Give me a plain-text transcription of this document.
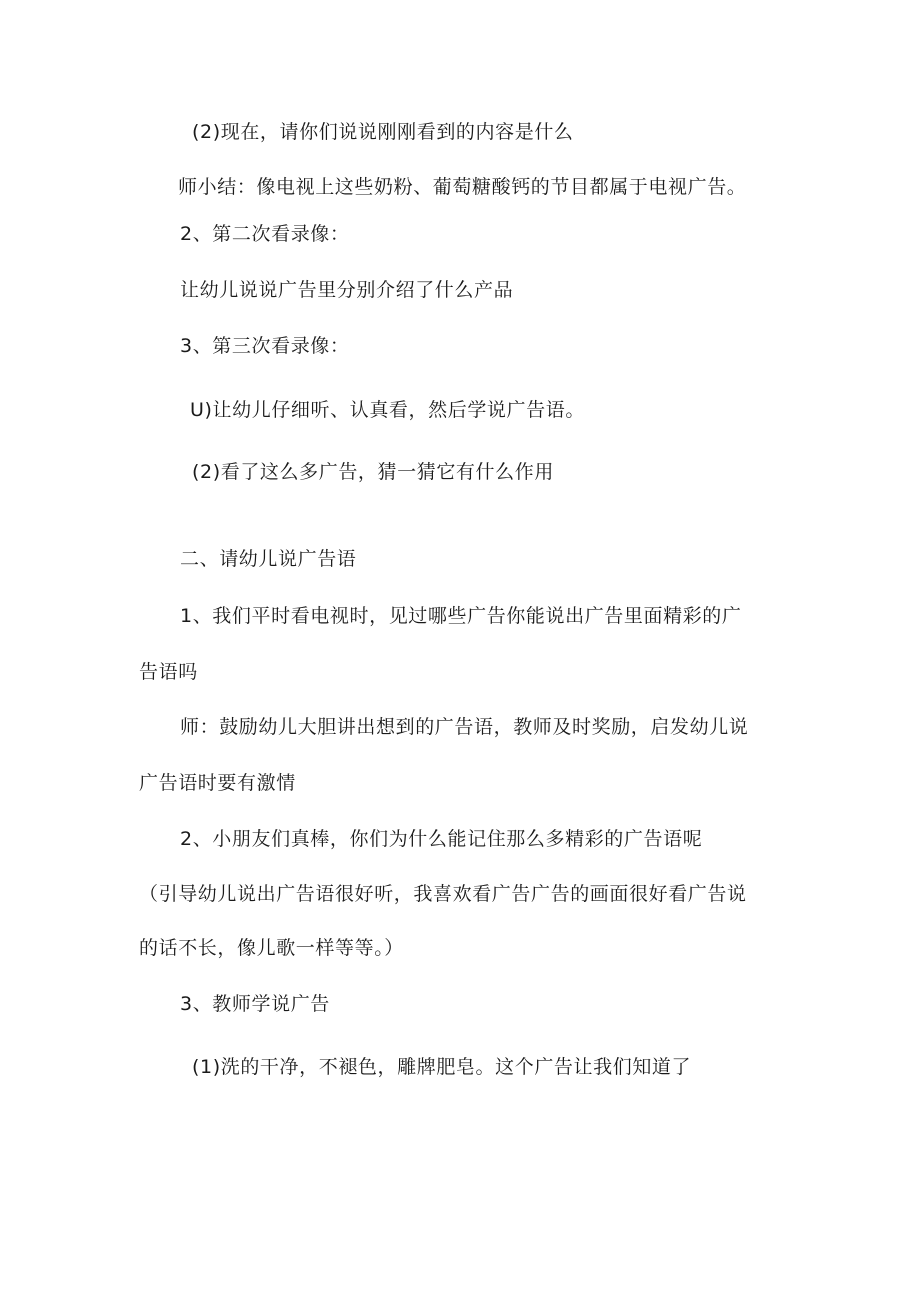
(2)现在，请你们说说刚刚看到的内容是什么
师小结：像电视上这些奶粉、葡萄糖酸钙的节目都属于电视广告。
2、第二次看录像：
让幼儿说说广告里分别介绍了什么产品
3、第三次看录像：
U)让幼儿仔细听、认真看，然后学说广告语。
(2)看了这么多广告，猜一猜它有什么作用
二、请幼儿说广告语
1、我们平时看电视时，见过哪些广告你能说出广告里面精彩的广
告语吗
师：鼓励幼儿大胆讲出想到的广告语，教师及时奖励，启发幼儿说
广告语时要有激情
2、小朋友们真棒，你们为什么能记住那么多精彩的广告语呢
（引导幼儿说出广告语很好听，我喜欢看广告广告的画面很好看广告说
的话不长，像儿歌一样等等。）
3、教师学说广告
(1)洗的干净，不褪色，雕牌肥皂。这个广告让我们知道了
